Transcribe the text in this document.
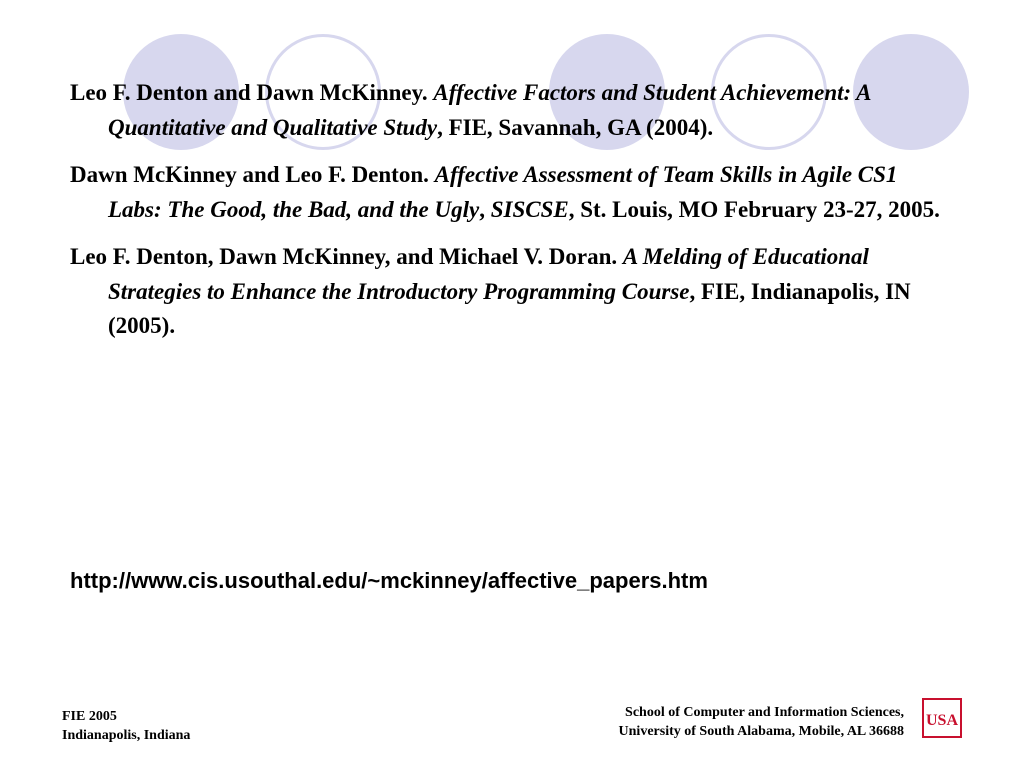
Leo F. Denton and Dawn McKinney. Affective Factors and Student Achievement: A Quantitative and Qualitative Study, FIE, Savannah, GA (2004).

Dawn McKinney and Leo F. Denton. Affective Assessment of Team Skills in Agile CS1 Labs: The Good, the Bad, and the Ugly, SISCSE, St. Louis, MO February 23-27, 2005.

Leo F. Denton, Dawn McKinney, and Michael V. Doran. A Melding of Educational Strategies to Enhance the Introductory Programming Course, FIE, Indianapolis, IN (2005).

http://www.cis.usouthal.edu/~mckinney/affective_papers.htm
FIE 2005
Indianapolis, Indiana
School of Computer and Information Sciences,
University of South Alabama, Mobile, AL 36688
USA
